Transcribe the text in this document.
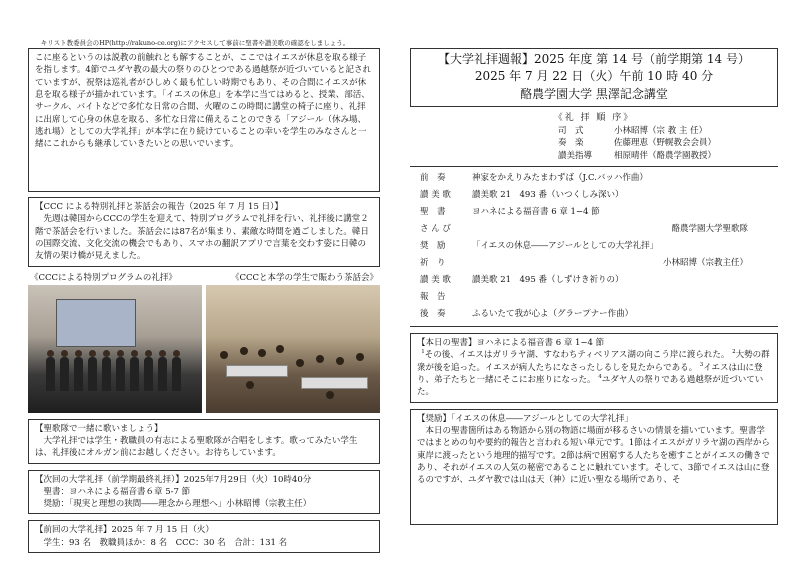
キリスト教委員会のHP(http://rakuno-ce.org)にアクセスして事前に聖書や讃美歌の確認をしましょう。

こに座るというのは説教の前触れとも解することが、ここではイエスが休息を取る様子を指します。4節でユダヤ教の最大の祭りのひとつである過越祭が近づいていると記されていますが、祝祭は巡礼者がひしめく最も忙しい時期でもあり、その合間にイエスが休息を取る様子が描かれています。「イエスの休息」を本学に当てはめると、授業、部活、サークル、バイトなどで多忙な日常の合間、火曜のこの時間に講堂の椅子に座り、礼拝に出席して心身の休息を取る、多忙な日常に備えることのできる「アジール（休み場、逃れ場）としての大学礼拝」が本学に在り続けていることの幸いを学生のみなさんと一緒にこれからも継承していきたいとの思いでいます。

【CCC による特別礼拝と茶話会の報告（2025 年 7 月 15 日）】

先週は韓国からCCCの学生を迎えて、特別プログラムで礼拝を行い、礼拝後に講堂２階で茶話会を行いました。茶話会には87名が集まり、素敵な時間を過ごしました。韓日の国際交流、文化交流の機会でもあり、スマホの翻訳アプリで言葉を交わす姿に日韓の友情の架け橋が見えました。

《CCCによる特別プログラムの礼拝》	《CCCと本学の学生で賑わう茶話会》

【聖歌隊で一緒に歌いましょう】

大学礼拝では学生・教職員の有志による聖歌隊が合唱をします。歌ってみたい学生は、礼拝後にオルガン前にお越しください。お待ちしています。

【次回の大学礼拝（前学期最終礼拝）】2025年7月29日（火）10時40分

聖書：ヨハネによる福音書６章 5-7 節

奨励：「現実と理想の狭間――理念から理想へ」小林昭博（宗教主任）

【前回の大学礼拝】2025 年 7 月 15 日（火）

学生：93 名　教職員ほか：8 名　CCC：30 名　合計：131 名

【大学礼拝週報】2025 年度 第 14 号（前学期第 14 号）
2025 年 7 月 22 日（火）午前 10 時 40 分
酪農学園大学 黒澤記念講堂
《礼 拝 順 序》
司　式	小林昭博（宗 教 主 任）
奏　楽	佐藤理恵（野幌教会会員）
讃美指導	相原晴伴（酪農学園教授）
前　奏	神家をかえりみたまわずば（J.C.バッハ作曲）
讃 美 歌	讃美歌 21　493 番（いつくしみ深い）
聖　書	ヨハネによる福音書 6 章 1−4 節
さ ん び	酪農学園大学聖歌隊
奨　励	「イエスの休息――アジールとしての大学礼拝」
祈　り	小林昭博（宗教主任）
讃 美 歌	讃美歌 21　495 番（しずけき祈りの）
報　告
後　奏	ふるいたて我が心よ（グラープナー作曲）

【本日の聖書】ヨハネによる福音書 6 章 1−4 節

$^1$その後、イエスはガリラヤ湖、すなわちティベリアス湖の向こう岸に渡られた。 $^2$大勢の群衆が後を追った。イエスが病人たちになさったしるしを見たからである。 $^3$イエスは山に登り、弟子たちと一緒にそこにお座りになった。 $^4$ユダヤ人の祭りである過越祭が近づいていた。

【奨励】「イエスの休息――アジールとしての大学礼拝」

本日の聖書箇所はある物語から別の物語に場面が移るさいの情景を描いています。聖書学ではまとめの句や要約的報告と言われる短い単元です。1節はイエスがガリラヤ湖の西岸から東岸に渡ったという地理的描写です。2節は病で困窮する人たちを癒すことがイエスの働きであり、それがイエスの人気の秘密であることに触れています。そして、3節でイエスは山に登るのですが、ユダヤ教では山は天（神）に近い聖なる場所であり、そ
